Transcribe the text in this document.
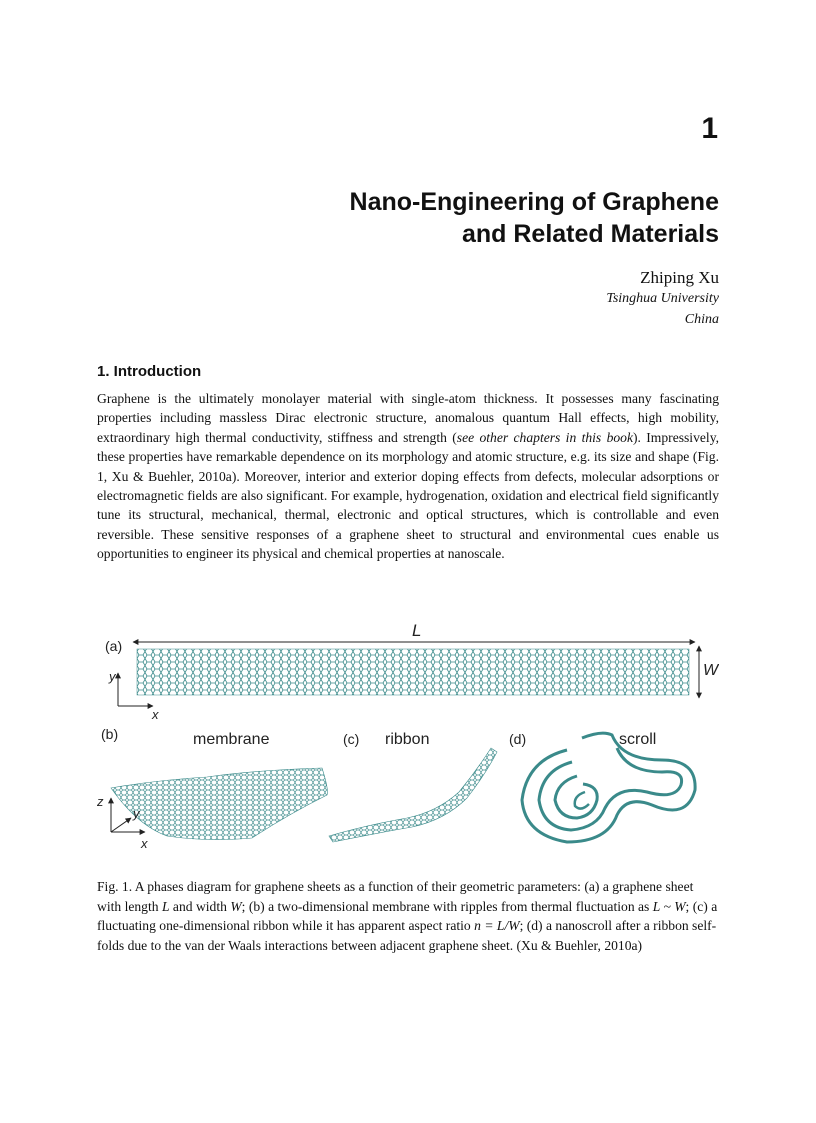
1
Nano-Engineering of Graphene
and Related Materials
Zhiping Xu
Tsinghua University
China
1. Introduction
Graphene is the ultimately monolayer material with single-atom thickness. It possesses many fascinating properties including massless Dirac electronic structure, anomalous quantum Hall effects, high mobility, extraordinary high thermal conductivity, stiffness and strength (see other chapters in this book). Impressively, these properties have remarkable dependence on its morphology and atomic structure, e.g. its size and shape (Fig. 1, Xu & Buehler, 2010a). Moreover, interior and exterior doping effects from defects, molecular adsorptions or electromagnetic fields are also significant. For example, hydrogenation, oxidation and electrical field significantly tune its structural, mechanical, thermal, electronic and optical structures, which is controllable and even reversible. These sensitive responses of a graphene sheet to structural and environmental cues enable us opportunities to engineer its physical and chemical properties at nanoscale.
(a)
L
W
y
x
(b)	membrane
z
y
x
(c) ribbon	(d)	scroll
Fig. 1. A phases diagram for graphene sheets as a function of their geometric parameters: (a) a graphene sheet with length L and width W; (b) a two-dimensional membrane with ripples from thermal fluctuation as L ~ W; (c) a fluctuating one-dimensional ribbon while it has apparent aspect ratio n = L/W; (d) a nanoscroll after a ribbon self-folds due to the van der Waals interactions between adjacent graphene sheet. (Xu & Buehler, 2010a)
